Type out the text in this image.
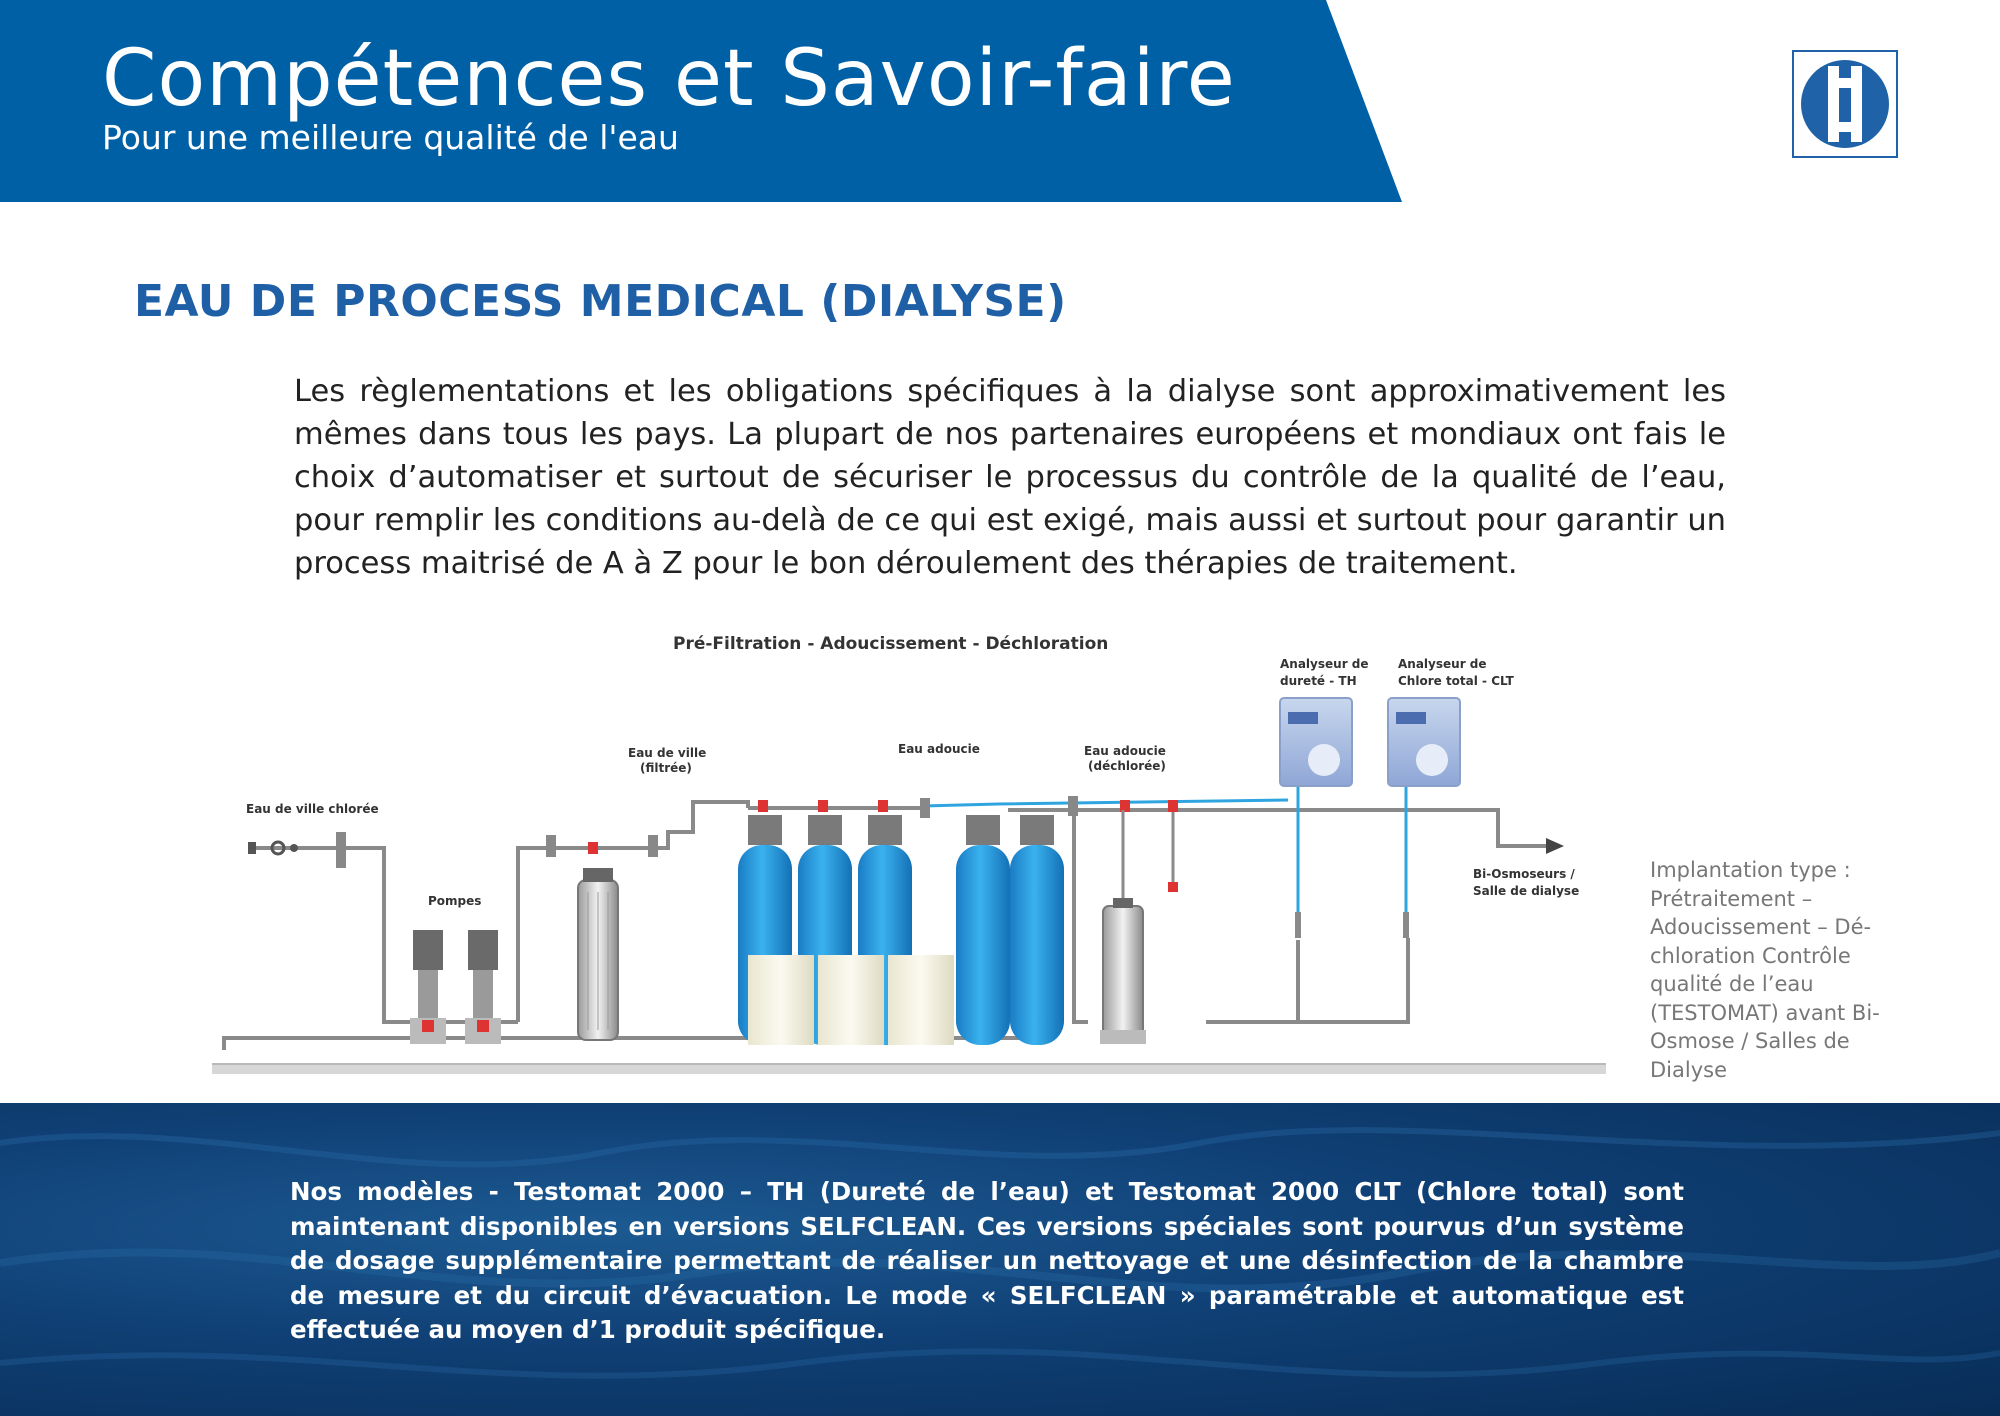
Compétences et Savoir-faire
Pour une meilleure qualité de l'eau
EAU DE PROCESS MEDICAL (DIALYSE)
Les règlementations et les obligations spécifiques à la dialyse sont approximativement les mêmes dans tous les pays. La plupart de nos partenaires européens et mondiaux ont fais le choix d’automatiser et surtout de sécuriser le processus du contrôle de la qualité de l’eau, pour remplir les conditions au-delà de ce qui est exigé, mais aussi et surtout pour garantir un process maitrisé de A à Z pour le bon déroulement des thérapies de traitement.
Pré-Filtration - Adoucissement - Déchloration
Eau de ville chlorée
Pompes
Eau de ville
(filtrée)
Eau adoucie	Eau adoucie
(déchlorée)
Analyseur de
dureté - TH
Analyseur de
Chlore total - CLT
Bi-Osmoseurs /
Salle de dialyse
Implantation type : Prétraitement – Adoucissement – Dé-chloration Contrôle qualité de l’eau (TESTOMAT) avant Bi-Osmose / Salles de Dialyse
Nos modèles - Testomat 2000 – TH (Dureté de l’eau) et Testomat 2000 CLT (Chlore total) sont maintenant disponibles en versions SELFCLEAN. Ces versions spéciales sont pourvus d’un système de dosage supplémentaire permettant de réaliser un nettoyage et une désinfection de la chambre de mesure et du circuit d’évacuation. Le mode « SELFCLEAN » paramétrable et automatique est effectuée au moyen d’1 produit spécifique.
